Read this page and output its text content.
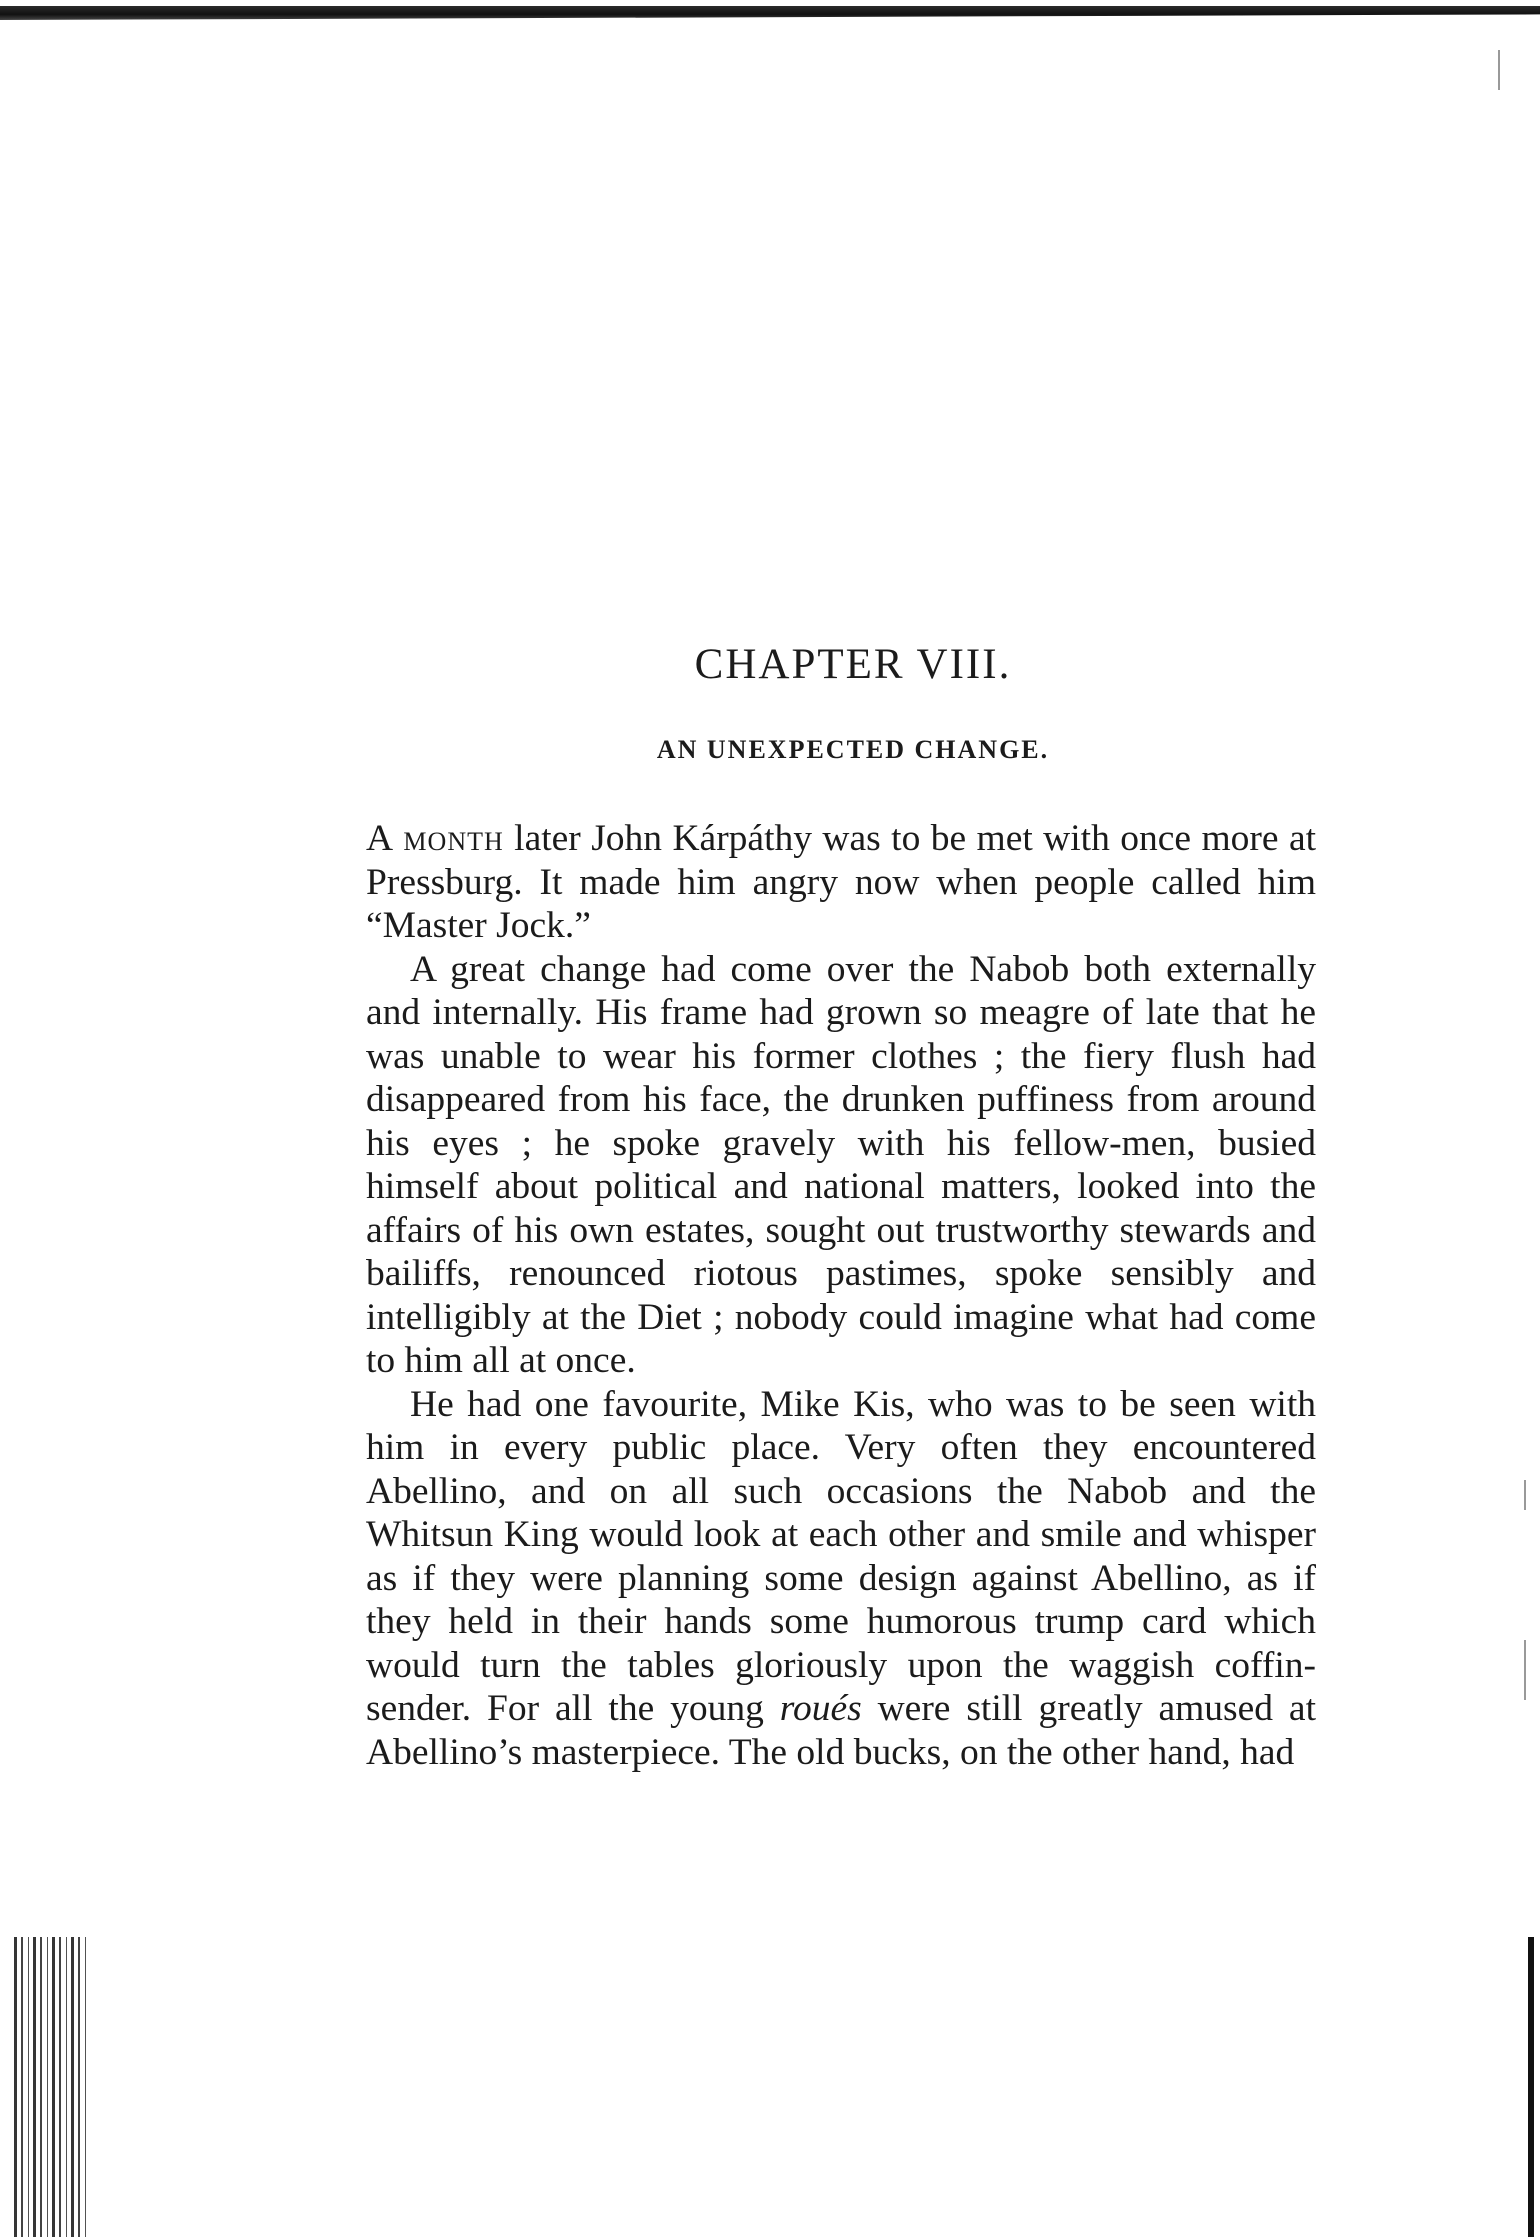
CHAPTER VIII.
AN UNEXPECTED CHANGE.

A month later John Kárpáthy was to be met with once more at Pressburg. It made him angry now when people called him “Master Jock.”

A great change had come over the Nabob both externally and internally. His frame had grown so meagre of late that he was unable to wear his former clothes ; the fiery flush had disappeared from his face, the drunken puffiness from around his eyes ; he spoke gravely with his fellow-men, busied himself about political and national matters, looked into the affairs of his own estates, sought out trustworthy stewards and bailiffs, renounced riotous pastimes, spoke sensibly and intelligibly at the Diet ; nobody could imagine what had come to him all at once.

He had one favourite, Mike Kis, who was to be seen with him in every public place. Very often they encountered Abellino, and on all such occasions the Nabob and the Whitsun King would look at each other and smile and whisper as if they were planning some design against Abellino, as if they held in their hands some humorous trump card which would turn the tables gloriously upon the waggish coffin-sender. For all the young roués were still greatly amused at Abellino’s masterpiece. The old bucks, on the other hand, had
